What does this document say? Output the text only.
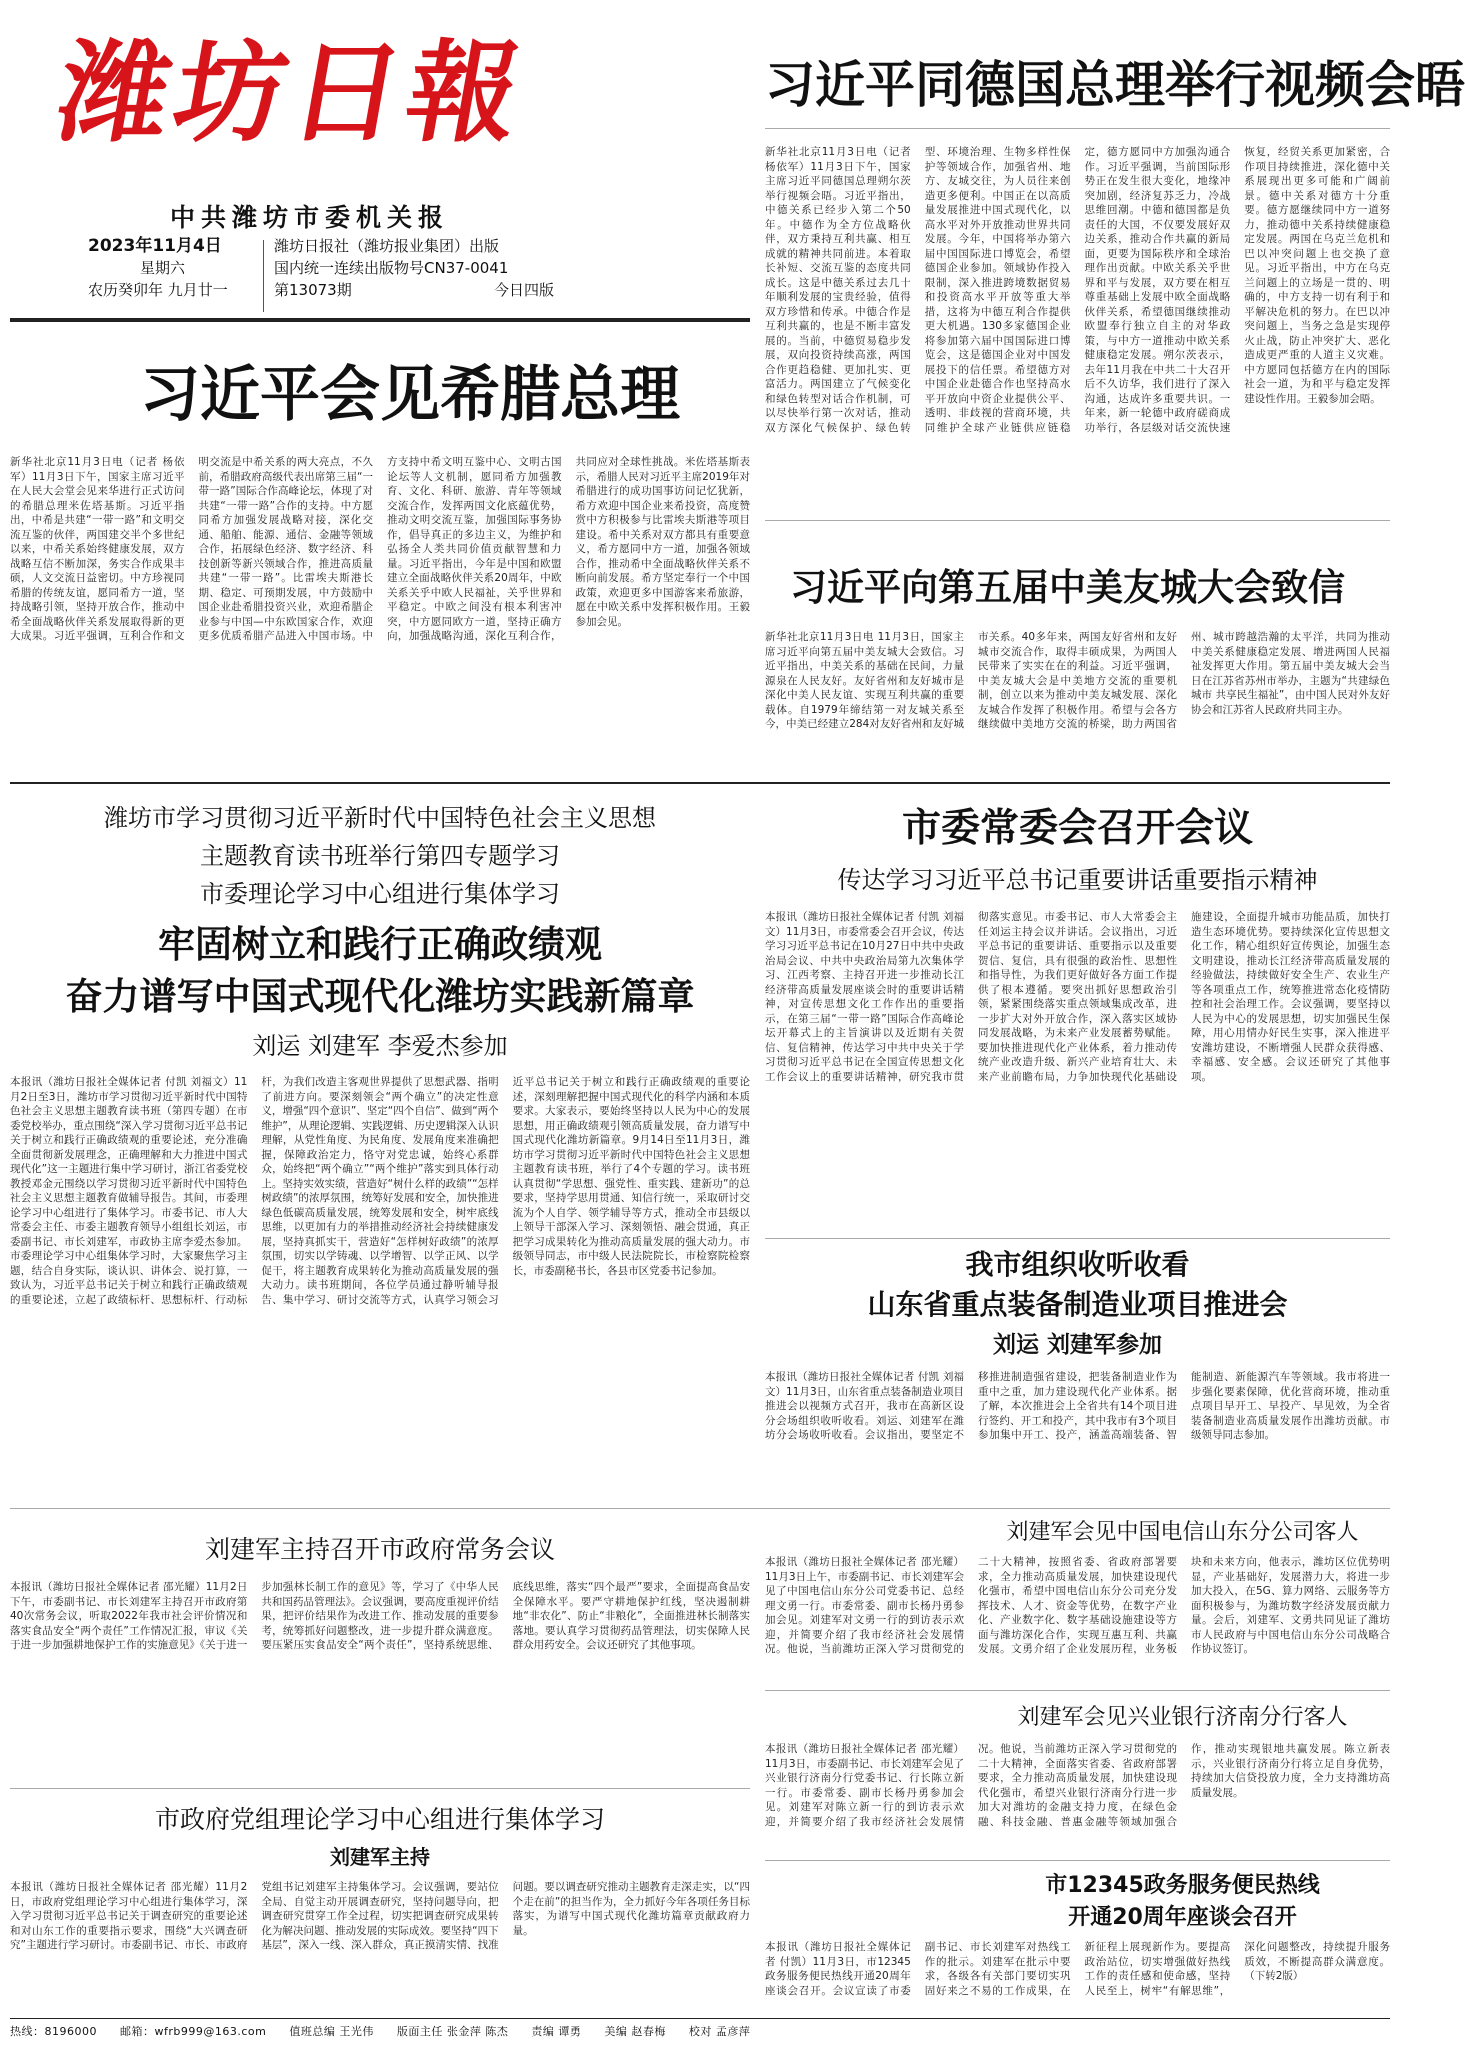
潍坊日報
中共潍坊市委机关报
2023年11月4日
星期六
农历癸卯年 九月廿一
潍坊日报社（潍坊报业集团）出版
国内统一连续出版物号CN37-0041
第13073期	今日四版
习近平同德国总理举行视频会晤
新华社北京11月3日电（记者 杨依军）11月3日下午，国家主席习近平同德国总理朔尔茨举行视频会晤。习近平指出，中德关系已经步入第二个50年。中德作为全方位战略伙伴，双方秉持互利共赢、相互成就的精神共同前进。本着取长补短、交流互鉴的态度共同成长。这是中德关系过去几十年顺利发展的宝贵经验，值得双方珍惜和传承。中德合作是互利共赢的，也是不断丰富发展的。当前，中德贸易稳步发展，双向投资持续高涨，两国合作更趋稳健、更加扎实、更富活力。两国建立了气候变化和绿色转型对话合作机制，可以尽快举行第一次对话，推动双方深化气候保护、绿色转型、环境治理、生物多样性保护等领域合作，加强省州、地方、友城交往，为人员往来创造更多便利。中国正在以高质量发展推进中国式现代化，以高水平对外开放推动世界共同发展。今年，中国将举办第六届中国国际进口博览会，希望德国企业参加。领域协作投入限制，深入推进跨境数据贸易和投资高水平开放等重大举措，这将为中德互利合作提供更大机遇。130多家德国企业将参加第六届中国国际进口博览会，这是德国企业对中国发展投下的信任票。希望德方对中国企业赴德合作也坚持高水平开放向中资企业提供公平、透明、非歧视的营商环境，共同维护全球产业链供应链稳定，德方愿同中方加强沟通合作。习近平强调，当前国际形势正在发生很大变化，地缘冲突加剧，经济复苏乏力，冷战思维回潮。中德和德国都是负责任的大国，不仅要发展好双边关系，推动合作共赢的新局面，更要为国际秩序和全球治理作出贡献。中欧关系关乎世界和平与发展，双方要在相互尊重基础上发展中欧全面战略伙伴关系，希望德国继续推动欧盟奉行独立自主的对华政策，与中方一道推动中欧关系健康稳定发展。朔尔茨表示，去年11月我在中共二十大召开后不久访华，我们进行了深入沟通，达成许多重要共识。一年来，新一轮德中政府磋商成功举行，各层级对话交流快速恢复，经贸关系更加紧密，合作项目持续推进，深化德中关系展现出更多可能和广阔前景。德中关系对德方十分重要。德方愿继续同中方一道努力，推动德中关系持续健康稳定发展。两国在乌克兰危机和巴以冲突问题上也交换了意见。习近平指出，中方在乌克兰问题上的立场是一贯的、明确的，中方支持一切有利于和平解决危机的努力。在巴以冲突问题上，当务之急是实现停火止战，防止冲突扩大、恶化造成更严重的人道主义灾难。中方愿同包括德方在内的国际社会一道，为和平与稳定发挥建设性作用。王毅参加会晤。
习近平会见希腊总理
新华社北京11月3日电（记者 杨依军）11月3日下午，国家主席习近平在人民大会堂会见来华进行正式访问的希腊总理米佐塔基斯。习近平指出，中希是共建“一带一路”和文明交流互鉴的伙伴，两国建交半个多世纪以来，中希关系始终健康发展，双方战略互信不断加深，务实合作成果丰硕，人文交流日益密切。中方珍视同希腊的传统友谊，愿同希方一道，坚持战略引领，坚持开放合作，推动中希全面战略伙伴关系发展取得新的更大成果。习近平强调，互利合作和文明交流是中希关系的两大亮点，不久前，希腊政府高级代表出席第三届“一带一路”国际合作高峰论坛，体现了对共建“一带一路”合作的支持。中方愿同希方加强发展战略对接，深化交通、船舶、能源、通信、金融等领域合作，拓展绿色经济、数字经济、科技创新等新兴领域合作，推进高质量共建“一带一路”。比雷埃夫斯港长期、稳定、可预期发展，中方鼓励中国企业赴希腊投资兴业，欢迎希腊企业参与中国—中东欧国家合作，欢迎更多优质希腊产品进入中国市场。中方支持中希文明互鉴中心、文明古国论坛等人文机制，愿同希方加强教育、文化、科研、旅游、青年等领域交流合作，发挥两国文化底蕴优势，推动文明交流互鉴，加强国际事务协作，倡导真正的多边主义，为维护和弘扬全人类共同价值贡献智慧和力量。习近平指出，今年是中国和欧盟建立全面战略伙伴关系20周年，中欧关系关乎中欧人民福祉，关乎世界和平稳定。中欧之间没有根本利害冲突，中方愿同欧方一道，坚持正确方向，加强战略沟通，深化互利合作，共同应对全球性挑战。米佐塔基斯表示，希腊人民对习近平主席2019年对希腊进行的成功国事访问记忆犹新，希方欢迎中国企业来希投资，高度赞赏中方积极参与比雷埃夫斯港等项目建设。希中关系对双方都具有重要意义，希方愿同中方一道，加强各领域合作，推动希中全面战略伙伴关系不断向前发展。希方坚定奉行一个中国政策，欢迎更多中国游客来希旅游，愿在中欧关系中发挥积极作用。王毅参加会见。
习近平向第五届中美友城大会致信
新华社北京11月3日电 11月3日，国家主席习近平向第五届中美友城大会致信。习近平指出，中美关系的基础在民间，力量源泉在人民友好。友好省州和友好城市是深化中美人民友谊、实现互利共赢的重要载体。自1979年缔结第一对友城关系至今，中美已经建立284对友好省州和友好城市关系。40多年来，两国友好省州和友好城市交流合作，取得丰硕成果，为两国人民带来了实实在在的利益。习近平强调，中美友城大会是中美地方交流的重要机制，创立以来为推动中美友城发展、深化友城合作发挥了积极作用。希望与会各方继续做中美地方交流的桥梁，助力两国省州、城市跨越浩瀚的太平洋，共同为推动中美关系健康稳定发展、增进两国人民福祉发挥更大作用。第五届中美友城大会当日在江苏省苏州市举办，主题为“共建绿色城市 共享民生福祉”，由中国人民对外友好协会和江苏省人民政府共同主办。
潍坊市学习贯彻习近平新时代中国特色社会主义思想
主题教育读书班举行第四专题学习
市委理论学习中心组进行集体学习
牢固树立和践行正确政绩观
奋力谱写中国式现代化潍坊实践新篇章
刘运 刘建军 李爱杰参加
本报讯（潍坊日报社全媒体记者 付凯 刘福文）11月2日至3日，潍坊市学习贯彻习近平新时代中国特色社会主义思想主题教育读书班（第四专题）在市委党校举办，重点围绕“深入学习贯彻习近平总书记关于树立和践行正确政绩观的重要论述，充分准确全面贯彻新发展理念，正确理解和大力推进中国式现代化”这一主题进行集中学习研讨，浙江省委党校教授邓金元围绕以学习贯彻习近平新时代中国特色社会主义思想主题教育做辅导报告。其间，市委理论学习中心组进行了集体学习。市委书记、市人大常委会主任、市委主题教育领导小组组长刘运，市委副书记、市长刘建军，市政协主席李爱杰参加。市委理论学习中心组集体学习时，大家聚焦学习主题，结合自身实际，谈认识、讲体会、说打算，一致认为，习近平总书记关于树立和践行正确政绩观的重要论述，立起了政绩标杆、思想标杆、行动标杆，为我们改造主客观世界提供了思想武器、指明了前进方向。要深刻领会“两个确立”的决定性意义，增强“四个意识”、坚定“四个自信”、做到“两个维护”，从理论逻辑、实践逻辑、历史逻辑深入认识理解，从党性角度、为民角度、发展角度来准确把握，保障政治定力，恪守对党忠诚，始终心系群众，始终把“两个确立”“两个维护”落实到具体行动上。坚持实效实绩，营造好“树什么样的政绩”“怎样树政绩”的浓厚氛围，统筹好发展和安全，加快推进绿色低碳高质量发展，统筹发展和安全，树牢底线思维，以更加有力的举措推动经济社会持续健康发展，坚持真抓实干，营造好“怎样树好政绩”的浓厚氛围，切实以学铸魂、以学增智、以学正风、以学促干，将主题教育成果转化为推动高质量发展的强大动力。读书班期间，各位学员通过静听辅导报告、集中学习、研讨交流等方式，认真学习领会习近平总书记关于树立和践行正确政绩观的重要论述，深刻理解把握中国式现代化的科学内涵和本质要求。大家表示，要始终坚持以人民为中心的发展思想，用正确政绩观引领高质量发展，奋力谱写中国式现代化潍坊新篇章。9月14日至11月3日，潍坊市学习贯彻习近平新时代中国特色社会主义思想主题教育读书班，举行了4个专题的学习。读书班认真贯彻“学思想、强党性、重实践、建新功”的总要求，坚持学思用贯通、知信行统一，采取研讨交流为个人自学、领学辅导等方式，推动全市县级以上领导干部深入学习、深刻领悟、融会贯通，真正把学习成果转化为推动高质量发展的强大动力。市级领导同志，市中级人民法院院长，市检察院检察长，市委副秘书长，各县市区党委书记参加。
市委常委会召开会议
传达学习习近平总书记重要讲话重要指示精神
本报讯（潍坊日报社全媒体记者 付凯 刘福文）11月3日，市委常委会召开会议，传达学习习近平总书记在10月27日中共中央政治局会议、中共中央政治局第九次集体学习、江西考察、主持召开进一步推动长江经济带高质量发展座谈会时的重要讲话精神，对宣传思想文化工作作出的重要指示，在第三届“一带一路”国际合作高峰论坛开幕式上的主旨演讲以及近期有关贺信、复信精神，传达学习中共中央关于学习贯彻习近平总书记在全国宣传思想文化工作会议上的重要讲话精神，研究我市贯彻落实意见。市委书记、市人大常委会主任刘运主持会议并讲话。会议指出，习近平总书记的重要讲话、重要指示以及重要贺信、复信，具有很强的政治性、思想性和指导性，为我们更好做好各方面工作提供了根本遵循。要突出抓好思想政治引领，紧紧围绕落实重点领域集成改革，进一步扩大对外开放合作，深入落实区域协同发展战略，为未来产业发展蓄势赋能。要加快推进现代化产业体系，着力推动传统产业改造升级、新兴产业培育壮大、未来产业前瞻布局，力争加快现代化基础设施建设，全面提升城市功能品质，加快打造生态环境优势。要持续深化宣传思想文化工作，精心组织好宣传舆论，加强生态文明建设，推动长江经济带高质量发展的经验做法，持续做好安全生产、农业生产等各项重点工作，统筹推进常态化疫情防控和社会治理工作。会议强调，要坚持以人民为中心的发展思想，切实加强民生保障，用心用情办好民生实事，深入推进平安潍坊建设，不断增强人民群众获得感、幸福感、安全感。会议还研究了其他事项。
我市组织收听收看
山东省重点装备制造业项目推进会
刘运 刘建军参加
本报讯（潍坊日报社全媒体记者 付凯 刘福文）11月3日，山东省重点装备制造业项目推进会以视频方式召开，我市在高新区设分会场组织收听收看。刘运、刘建军在潍坊分会场收听收看。会议指出，要坚定不移推进制造强省建设，把装备制造业作为重中之重，加力建设现代化产业体系。据了解，本次推进会上全省共有14个项目进行签约、开工和投产，其中我市有3个项目参加集中开工、投产，涵盖高端装备、智能制造、新能源汽车等领域。我市将进一步强化要素保障，优化营商环境，推动重点项目早开工、早投产、早见效，为全省装备制造业高质量发展作出潍坊贡献。市级领导同志参加。
刘建军主持召开市政府常务会议
本报讯（潍坊日报社全媒体记者 邵光耀）11月2日下午，市委副书记、市长刘建军主持召开市政府第40次常务会议，听取2022年我市社会评价情况和落实食品安全“两个责任”工作情况汇报，审议《关于进一步加强耕地保护工作的实施意见》《关于进一步加强林长制工作的意见》等，学习了《中华人民共和国药品管理法》。会议强调，要高度重视评价结果，把评价结果作为改进工作、推动发展的重要参考，统筹抓好问题整改，进一步提升群众满意度。要压紧压实食品安全“两个责任”，坚持系统思维、底线思维，落实“四个最严”要求，全面提高食品安全保障水平。要严守耕地保护红线，坚决遏制耕地“非农化”、防止“非粮化”，全面推进林长制落实落地。要认真学习贯彻药品管理法，切实保障人民群众用药安全。会议还研究了其他事项。
市政府党组理论学习中心组进行集体学习
刘建军主持
本报讯（潍坊日报社全媒体记者 邵光耀）11月2日，市政府党组理论学习中心组进行集体学习，深入学习贯彻习近平总书记关于调查研究的重要论述和对山东工作的重要指示要求，围绕“大兴调查研究”主题进行学习研讨。市委副书记、市长、市政府党组书记刘建军主持集体学习。会议强调，要站位全局、自觉主动开展调查研究，坚持问题导向，把调查研究贯穿工作全过程，切实把调查研究成果转化为解决问题、推动发展的实际成效。要坚持“四下基层”，深入一线、深入群众，真正摸清实情、找准问题。要以调查研究推动主题教育走深走实，以“四个走在前”的担当作为，全力抓好今年各项任务目标落实，为谱写中国式现代化潍坊篇章贡献政府力量。
刘建军会见中国电信山东分公司客人
本报讯（潍坊日报社全媒体记者 邵光耀）11月3日上午，市委副书记、市长刘建军会见了中国电信山东分公司党委书记、总经理文勇一行。市委常委、副市长杨丹勇参加会见。刘建军对文勇一行的到访表示欢迎，并简要介绍了我市经济社会发展情况。他说，当前潍坊正深入学习贯彻党的二十大精神，按照省委、省政府部署要求，全力推动高质量发展，加快建设现代化强市，希望中国电信山东分公司充分发挥技术、人才、资金等优势，在数字产业化、产业数字化、数字基础设施建设等方面与潍坊深化合作，实现互惠互利、共赢发展。文勇介绍了企业发展历程，业务板块和未来方向，他表示，潍坊区位优势明显，产业基础好，发展潜力大，将进一步加大投入，在5G、算力网络、云服务等方面积极参与，为潍坊数字经济发展贡献力量。会后，刘建军、文勇共同见证了潍坊市人民政府与中国电信山东分公司战略合作协议签订。
刘建军会见兴业银行济南分行客人
本报讯（潍坊日报社全媒体记者 邵光耀）11月3日，市委副书记、市长刘建军会见了兴业银行济南分行党委书记、行长陈立新一行。市委常委、副市长杨丹勇参加会见。刘建军对陈立新一行的到访表示欢迎，并简要介绍了我市经济社会发展情况。他说，当前潍坊正深入学习贯彻党的二十大精神，全面落实省委、省政府部署要求，全力推动高质量发展，加快建设现代化强市，希望兴业银行济南分行进一步加大对潍坊的金融支持力度，在绿色金融、科技金融、普惠金融等领域加强合作，推动实现银地共赢发展。陈立新表示，兴业银行济南分行将立足自身优势，持续加大信贷投放力度，全力支持潍坊高质量发展。
市12345政务服务便民热线
开通20周年座谈会召开
本报讯（潍坊日报社全媒体记者 付凯）11月3日，市12345政务服务便民热线开通20周年座谈会召开。会议宣读了市委副书记、市长刘建军对热线工作的批示。刘建军在批示中要求，各级各有关部门要切实巩固好来之不易的工作成果，在新征程上展现新作为。要提高政治站位，切实增强做好热线工作的责任感和使命感，坚持人民至上，树牢“有解思维”，深化问题整改，持续提升服务质效，不断提高群众满意度。（下转2版）
热线：8196000　　邮箱：wfrb999@163.com　　值班总编 王光伟　　版面主任 张金萍 陈杰　　责编 谭勇　　美编 赵春梅　　校对 孟彦萍
